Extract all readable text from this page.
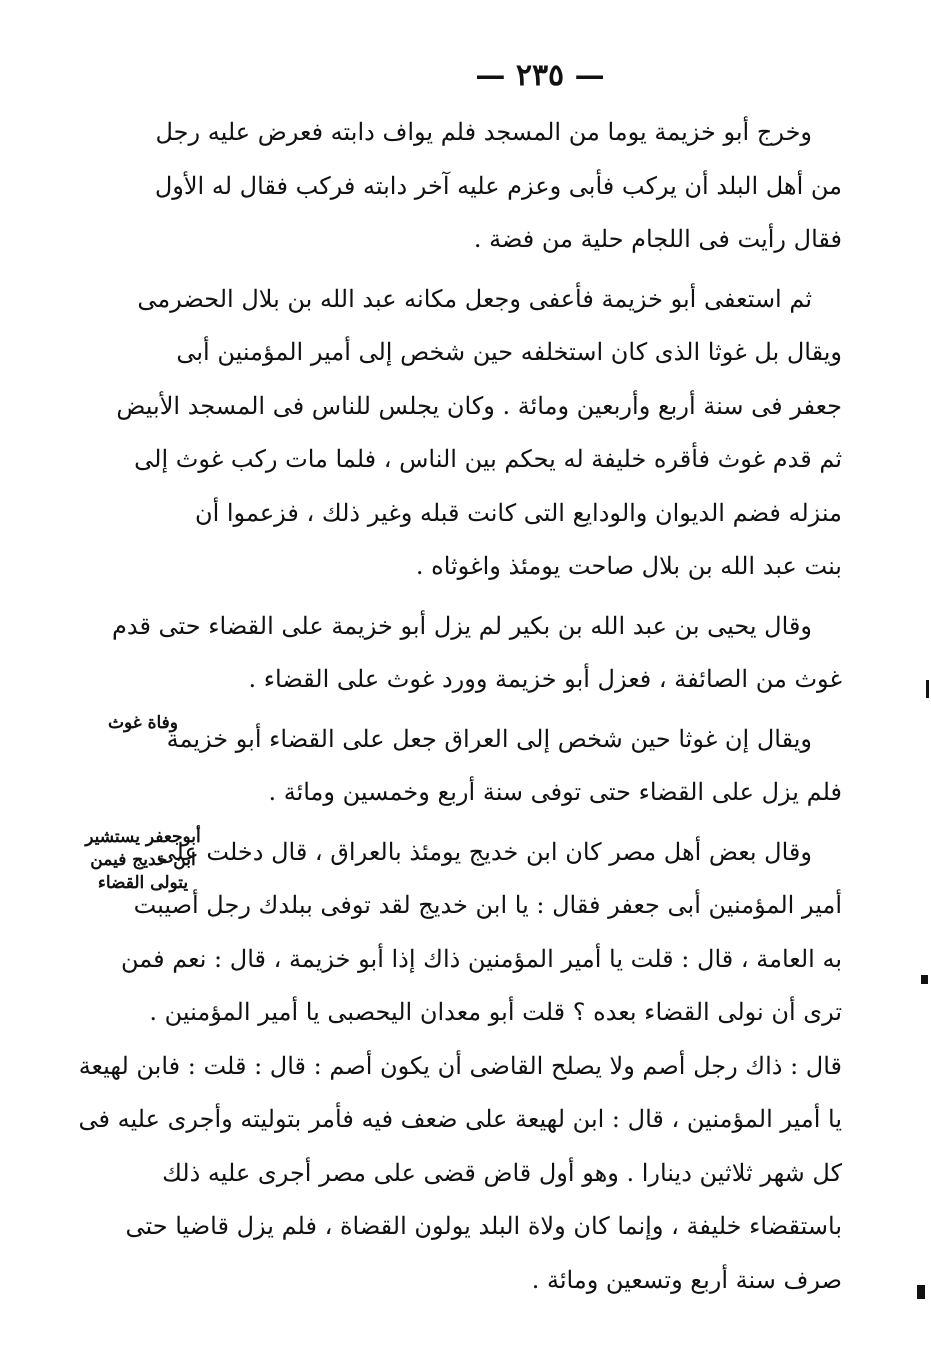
— ٢٣٥ —
وخرج أبو خزيمة يوما من المسجد فلم يواف دابته فعرض عليه رجل
من أهل البلد أن يركب فأبى وعزم عليه آخر دابته فركب فقال له الأول
فقال رأيت فى اللجام حلية من فضة .
ثم استعفى أبو خزيمة فأعفى وجعل مكانه عبد الله بن بلال الحضرمى
ويقال بل غوثا الذى كان استخلفه حين شخص إلى أمير المؤمنين أبى
جعفر فى سنة أربع وأربعين ومائة . وكان يجلس للناس فى المسجد الأبيض
ثم قدم غوث فأقره خليفة له يحكم بين الناس ، فلما مات ركب غوث إلى
منزله فضم الديوان والودايع التى كانت قبله وغير ذلك ، فزعموا أن
بنت عبد الله بن بلال صاحت يومئذ واغوثاه .
وقال يحيى بن عبد الله بن بكير لم يزل أبو خزيمة على القضاء حتى قدم
غوث من الصائفة ، فعزل أبو خزيمة وورد غوث على القضاء .
ويقال إن غوثا حين شخص إلى العراق جعل على القضاء أبو خزيمة
فلم يزل على القضاء حتى توفى سنة أربع وخمسين ومائة .
وقال بعض أهل مصر كان ابن خديج يومئذ بالعراق ، قال دخلت على
أمير المؤمنين أبى جعفر فقال : يا ابن خديج لقد توفى ببلدك رجل أصيبت
به العامة ، قال : قلت يا أمير المؤمنين ذاك إذا أبو خزيمة ، قال : نعم فمن
ترى أن نولى القضاء بعده ؟ قلت أبو معدان اليحصبى يا أمير المؤمنين .
قال : ذاك رجل أصم ولا يصلح القاضى أن يكون أصم : قال : قلت : فابن لهيعة
يا أمير المؤمنين ، قال : ابن لهيعة على ضعف فيه فأمر بتوليته وأجرى عليه فى
كل شهر ثلاثين دينارا . وهو أول قاض قضى على مصر أجرى عليه ذلك
باستقضاء خليفة ، وإنما كان ولاة البلد يولون القضاة ، فلم يزل قاضيا حتى
صرف سنة أربع وتسعين ومائة .
وفاة غوث
أبوجعفر يستشير ابن خديج فيمن يتولى القضاء
